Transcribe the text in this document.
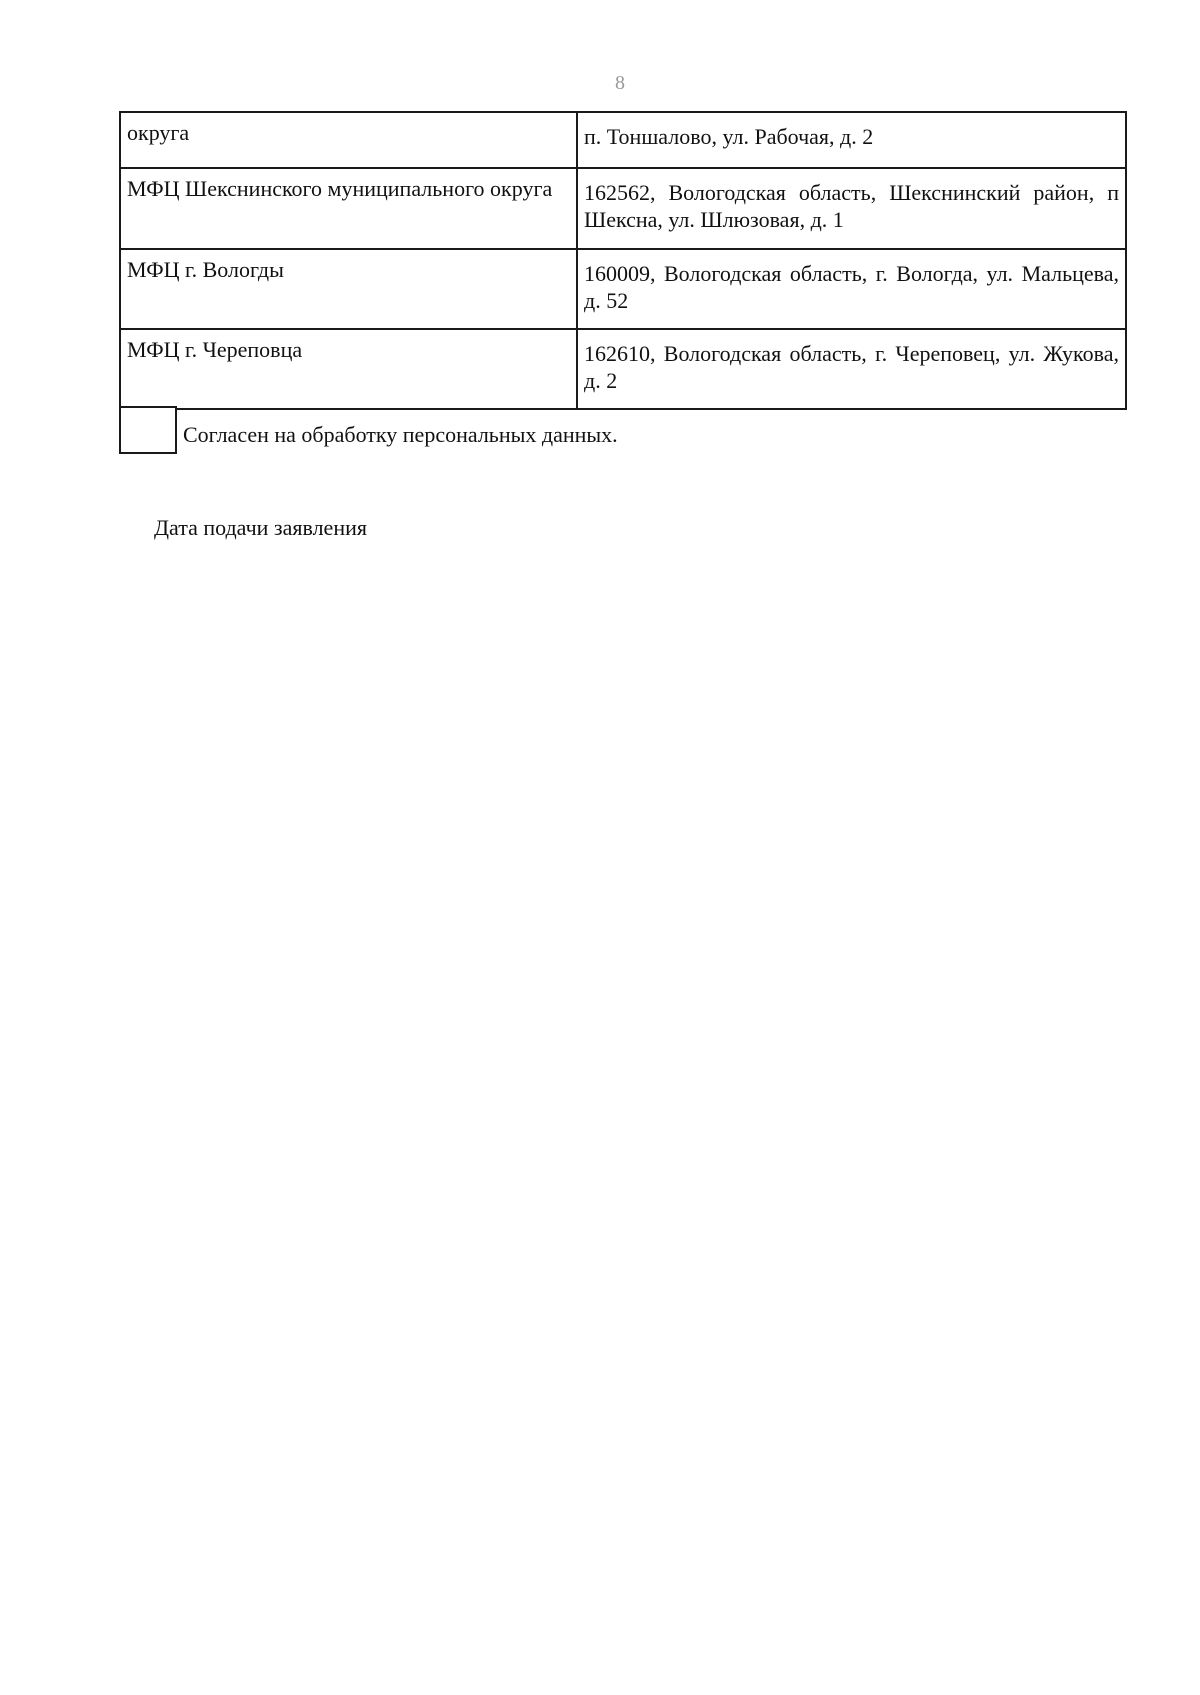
8
округа	п. Тоншалово, ул. Рабочая, д. 2
МФЦ Шекснинского муниципального округа	162562, Вологодская область, Шекснинский район, п Шексна, ул. Шлюзовая, д. 1
МФЦ г. Вологды	160009, Вологодская область, г. Вологда, ул. Мальцева, д. 52
МФЦ г. Череповца	162610, Вологодская область, г. Череповец, ул. Жукова, д. 2
Согласен на обработку персональных данных.
Дата подачи заявления
